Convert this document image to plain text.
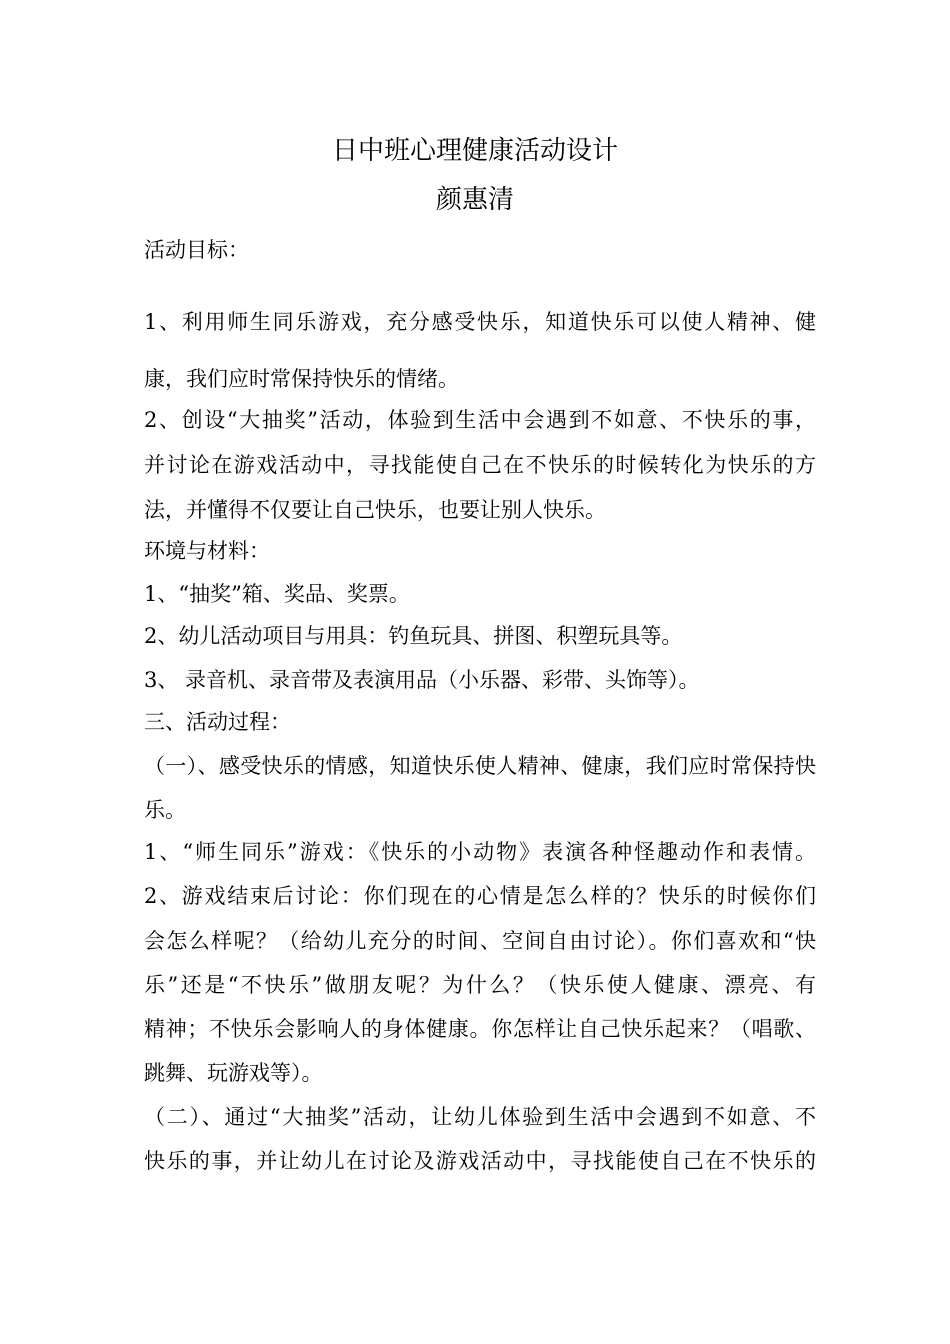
日中班心理健康活动设计
颜惠清
活动目标：
1、利用师生同乐游戏，充分感受快乐，知道快乐可以使人精神、健
康，我们应时常保持快乐的情绪。
2、创设“大抽奖”活动，体验到生活中会遇到不如意、不快乐的事，
并讨论在游戏活动中，寻找能使自己在不快乐的时候转化为快乐的方
法，并懂得不仅要让自己快乐，也要让别人快乐。
环境与材料：
1、“抽奖”箱、奖品、奖票。
2、幼儿活动项目与用具：钓鱼玩具、拼图、积塑玩具等。
3、 录音机、录音带及表演用品（小乐器、彩带、头饰等）。
三、活动过程：
（一）、感受快乐的情感，知道快乐使人精神、健康，我们应时常保持快
乐。
1、“师生同乐”游戏：《快乐的小动物》表演各种怪趣动作和表情。
2、游戏结束后讨论：你们现在的心情是怎么样的？快乐的时候你们
会怎么样呢？（给幼儿充分的时间、空间自由讨论）。你们喜欢和“快
乐”还是“不快乐”做朋友呢？为什么？（快乐使人健康、漂亮、有
精神；不快乐会影响人的身体健康。你怎样让自己快乐起来？（唱歌、
跳舞、玩游戏等）。
（二）、通过“大抽奖”活动，让幼儿体验到生活中会遇到不如意、不
快乐的事，并让幼儿在讨论及游戏活动中，寻找能使自己在不快乐的
